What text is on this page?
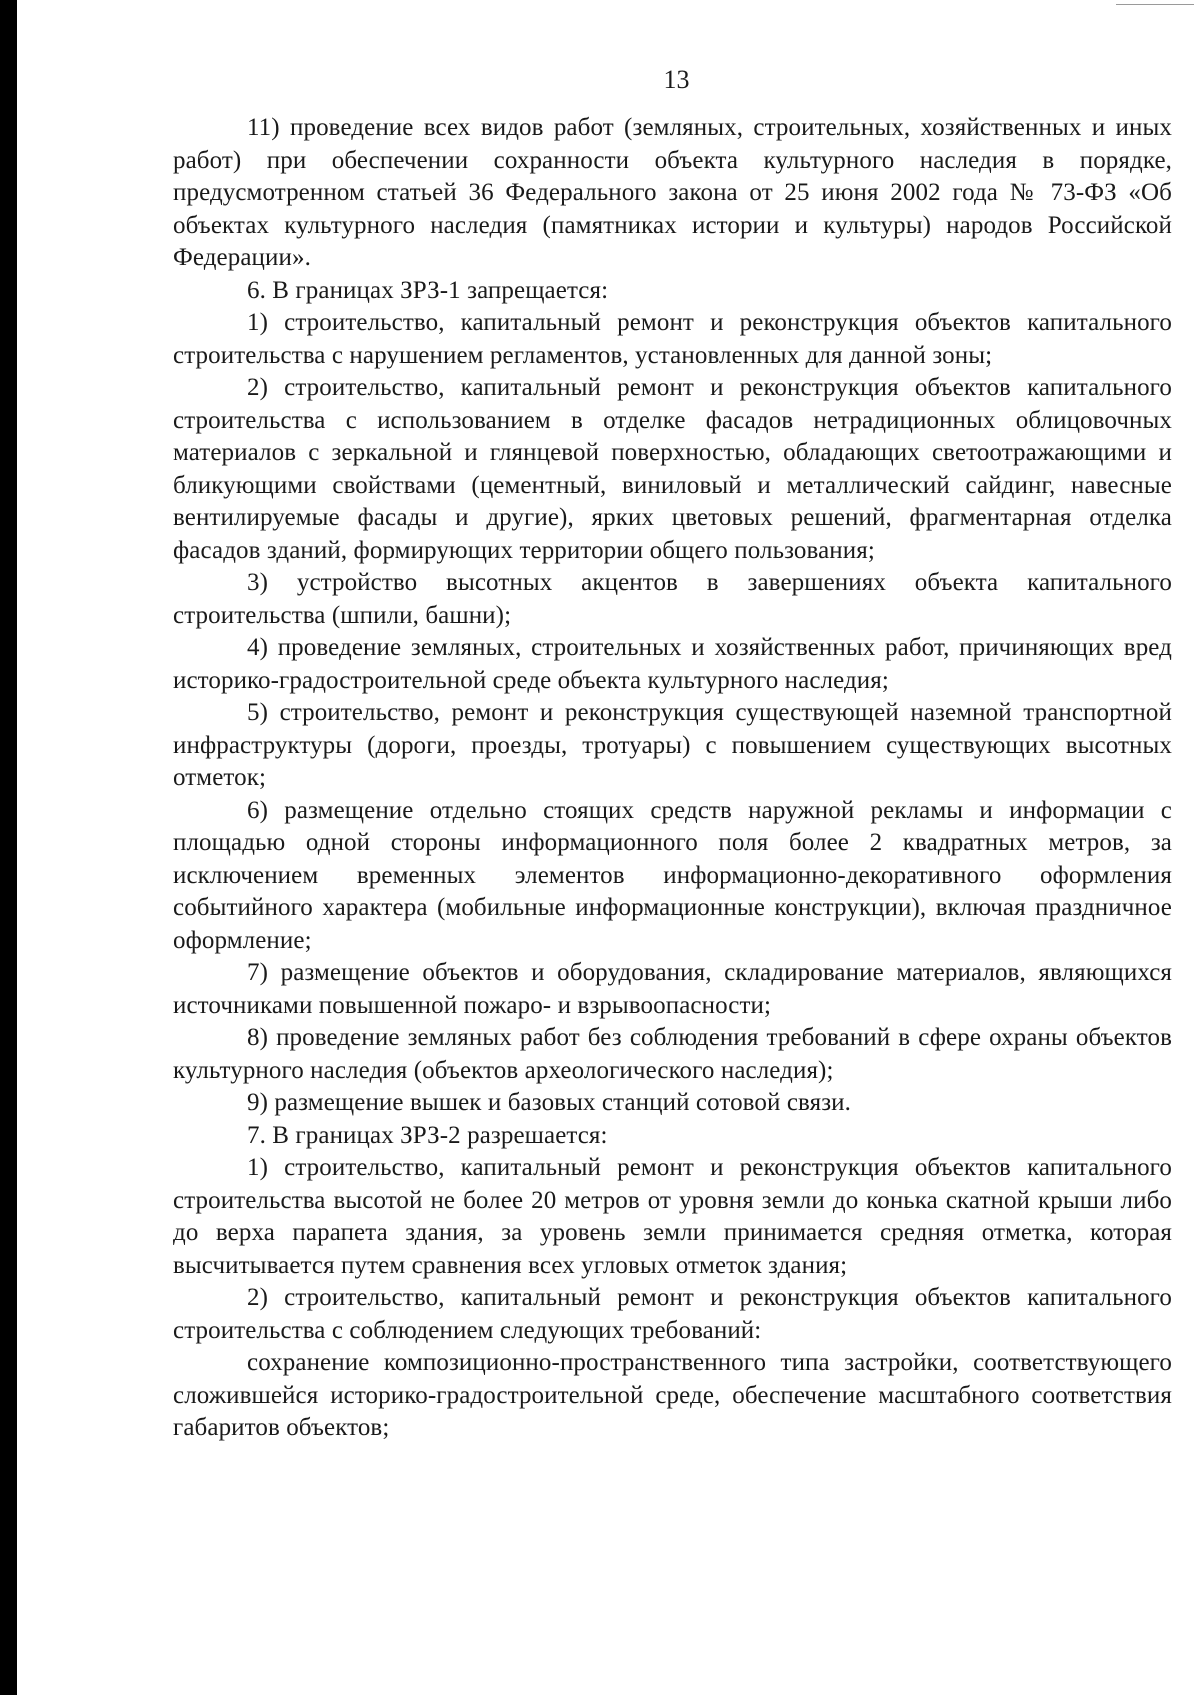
13

11) проведение всех видов работ (земляных, строительных, хозяйственных и иных работ) при обеспечении сохранности объекта культурного наследия в порядке, предусмотренном статьей 36 Федерального закона от 25 июня 2002 года № 73-ФЗ «Об объектах культурного наследия (памятниках истории и культуры) народов Российской Федерации».

6. В границах ЗРЗ-1 запрещается:

1) строительство, капитальный ремонт и реконструкция объектов капитального строительства с нарушением регламентов, установленных для данной зоны;

2) строительство, капитальный ремонт и реконструкция объектов капитального строительства с использованием в отделке фасадов нетрадиционных облицовочных материалов с зеркальной и глянцевой поверхностью, обладающих светоотражающими и бликующими свойствами (цементный, виниловый и металлический сайдинг, навесные вентилируемые фасады и другие), ярких цветовых решений, фрагментарная отделка фасадов зданий, формирующих территории общего пользования;

3) устройство высотных акцентов в завершениях объекта капитального строительства (шпили, башни);

4) проведение земляных, строительных и хозяйственных работ, причиняющих вред историко-градостроительной среде объекта культурного наследия;

5) строительство, ремонт и реконструкция существующей наземной транспортной инфраструктуры (дороги, проезды, тротуары) с повышением существующих высотных отметок;

6) размещение отдельно стоящих средств наружной рекламы и информации с площадью одной стороны информационного поля более 2 квадратных метров, за исключением временных элементов информационно-декоративного оформления событийного характера (мобильные информационные конструкции), включая праздничное оформление;

7) размещение объектов и оборудования, складирование материалов, являющихся источниками повышенной пожаро- и взрывоопасности;

8) проведение земляных работ без соблюдения требований в сфере охраны объектов культурного наследия (объектов археологического наследия);

9) размещение вышек и базовых станций сотовой связи.

7. В границах ЗРЗ-2 разрешается:

1) строительство, капитальный ремонт и реконструкция объектов капитального строительства высотой не более 20 метров от уровня земли до конька скатной крыши либо до верха парапета здания, за уровень земли принимается средняя отметка, которая высчитывается путем сравнения всех угловых отметок здания;

2) строительство, капитальный ремонт и реконструкция объектов капитального строительства с соблюдением следующих требований:

сохранение композиционно-пространственного типа застройки, соответствующего сложившейся историко-градостроительной среде, обеспечение масштабного соответствия габаритов объектов;
